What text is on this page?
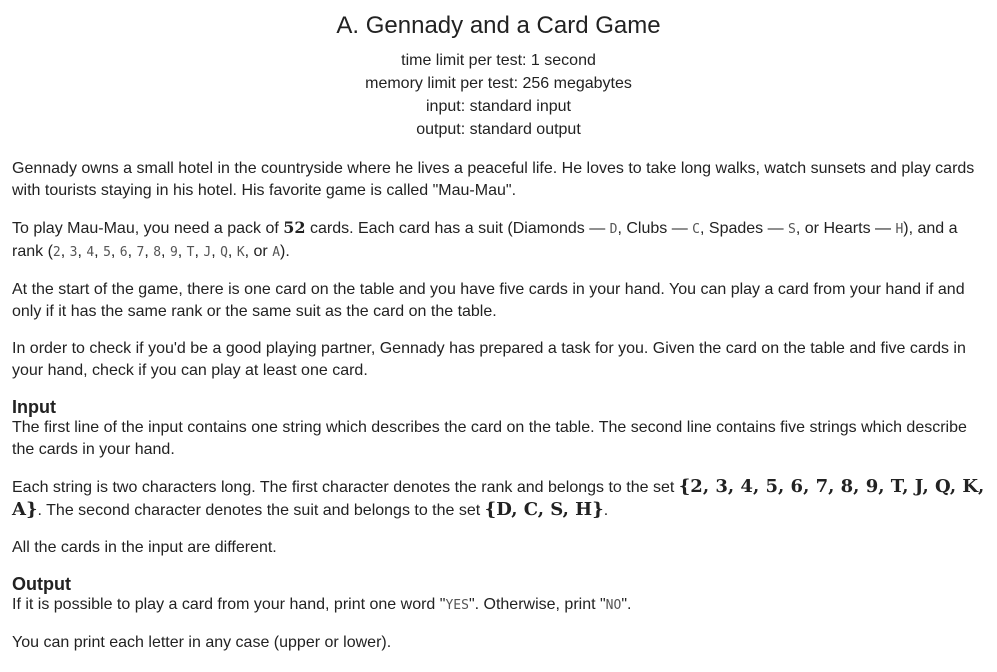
A. Gennady and a Card Game
time limit per test: 1 second
memory limit per test: 256 megabytes
input: standard input
output: standard output

Gennady owns a small hotel in the countryside where he lives a peaceful life. He loves to take long walks, watch sunsets and play cards with tourists staying in his hotel. His favorite game is called "Mau-Mau".

To play Mau-Mau, you need a pack of 52 cards. Each card has a suit (Diamonds — D, Clubs — C, Spades — S, or Hearts — H), and a rank (2, 3, 4, 5, 6, 7, 8, 9, T, J, Q, K, or A).

At the start of the game, there is one card on the table and you have five cards in your hand. You can play a card from your hand if and only if it has the same rank or the same suit as the card on the table.

In order to check if you'd be a good playing partner, Gennady has prepared a task for you. Given the card on the table and five cards in your hand, check if you can play at least one card.

Input

The first line of the input contains one string which describes the card on the table. The second line contains five strings which describe the cards in your hand.

Each string is two characters long. The first character denotes the rank and belongs to the set {2, 3, 4, 5, 6, 7, 8, 9, T, J, Q, K, A}. The second character denotes the suit and belongs to the set {D, C, S, H}.

All the cards in the input are different.

Output

If it is possible to play a card from your hand, print one word "YES". Otherwise, print "NO".

You can print each letter in any case (upper or lower).
